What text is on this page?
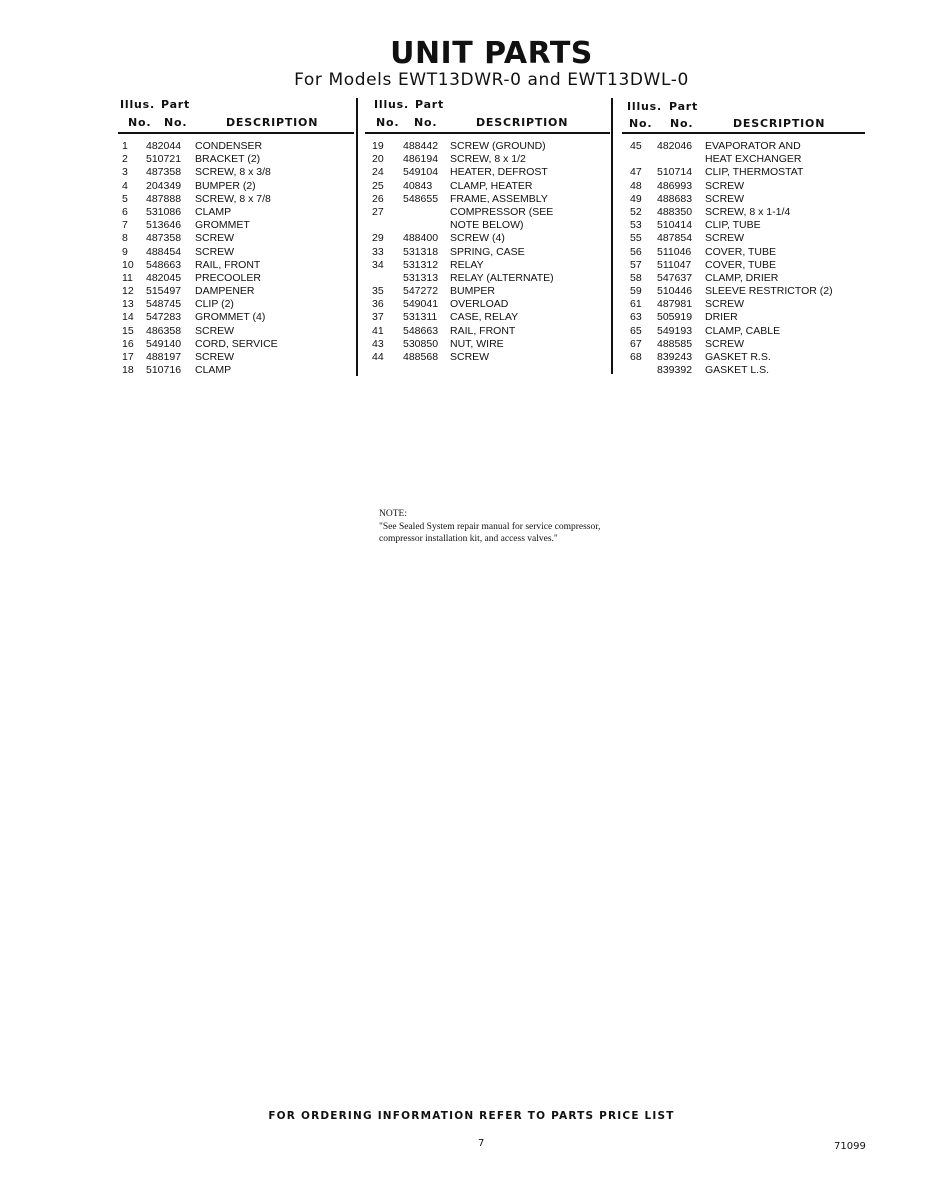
UNIT PARTS
For Models EWT13DWR-0 and EWT13DWL-0
Illus. Part
No. No.	DESCRIPTION
Illus. Part
No. No.	DESCRIPTION
Illus. Part
No. No.	DESCRIPTION
1 482044 CONDENSER
2 510721 BRACKET (2)
3 487358 SCREW, 8 x 3/8
4 204349 BUMPER (2)
5 487888 SCREW, 8 x 7/8
6 531086 CLAMP
7 513646 GROMMET
8 487358 SCREW
9 488454 SCREW
10 548663 RAIL, FRONT
11 482045 PRECOOLER
12 515497 DAMPENER
13 548745 CLIP (2)
14 547283 GROMMET (4)
15 486358 SCREW
16 549140 CORD, SERVICE
17 488197 SCREW
18 510716 CLAMP
19 488442 SCREW (GROUND)
20 486194 SCREW, 8 x 1/2
24 549104 HEATER, DEFROST
25 40843 CLAMP, HEATER
26 548655 FRAME, ASSEMBLY
27	COMPRESSOR (SEE
NOTE BELOW)
29 488400 SCREW (4)
33 531318 SPRING, CASE
34 531312 RELAY
531313 RELAY (ALTERNATE)
35 547272 BUMPER
36 549041 OVERLOAD
37 531311 CASE, RELAY
41 548663 RAIL, FRONT
43 530850 NUT, WIRE
44 488568 SCREW
45 482046 EVAPORATOR AND
HEAT EXCHANGER
47 510714 CLIP, THERMOSTAT
48 486993 SCREW
49 488683 SCREW
52 488350 SCREW, 8 x 1-1/4
53 510414 CLIP, TUBE
55 487854 SCREW
56 511046 COVER, TUBE
57 511047 COVER, TUBE
58 547637 CLAMP, DRIER
59 510446 SLEEVE RESTRICTOR (2)
61 487981 SCREW
63 505919 DRIER
65 549193 CLAMP, CABLE
67 488585 SCREW
68 839243 GASKET R.S.
839392 GASKET L.S.
NOTE:
"See Sealed System repair manual for service compressor, compressor installation kit, and access valves."
FOR ORDERING INFORMATION REFER TO PARTS PRICE LIST
7	71099
